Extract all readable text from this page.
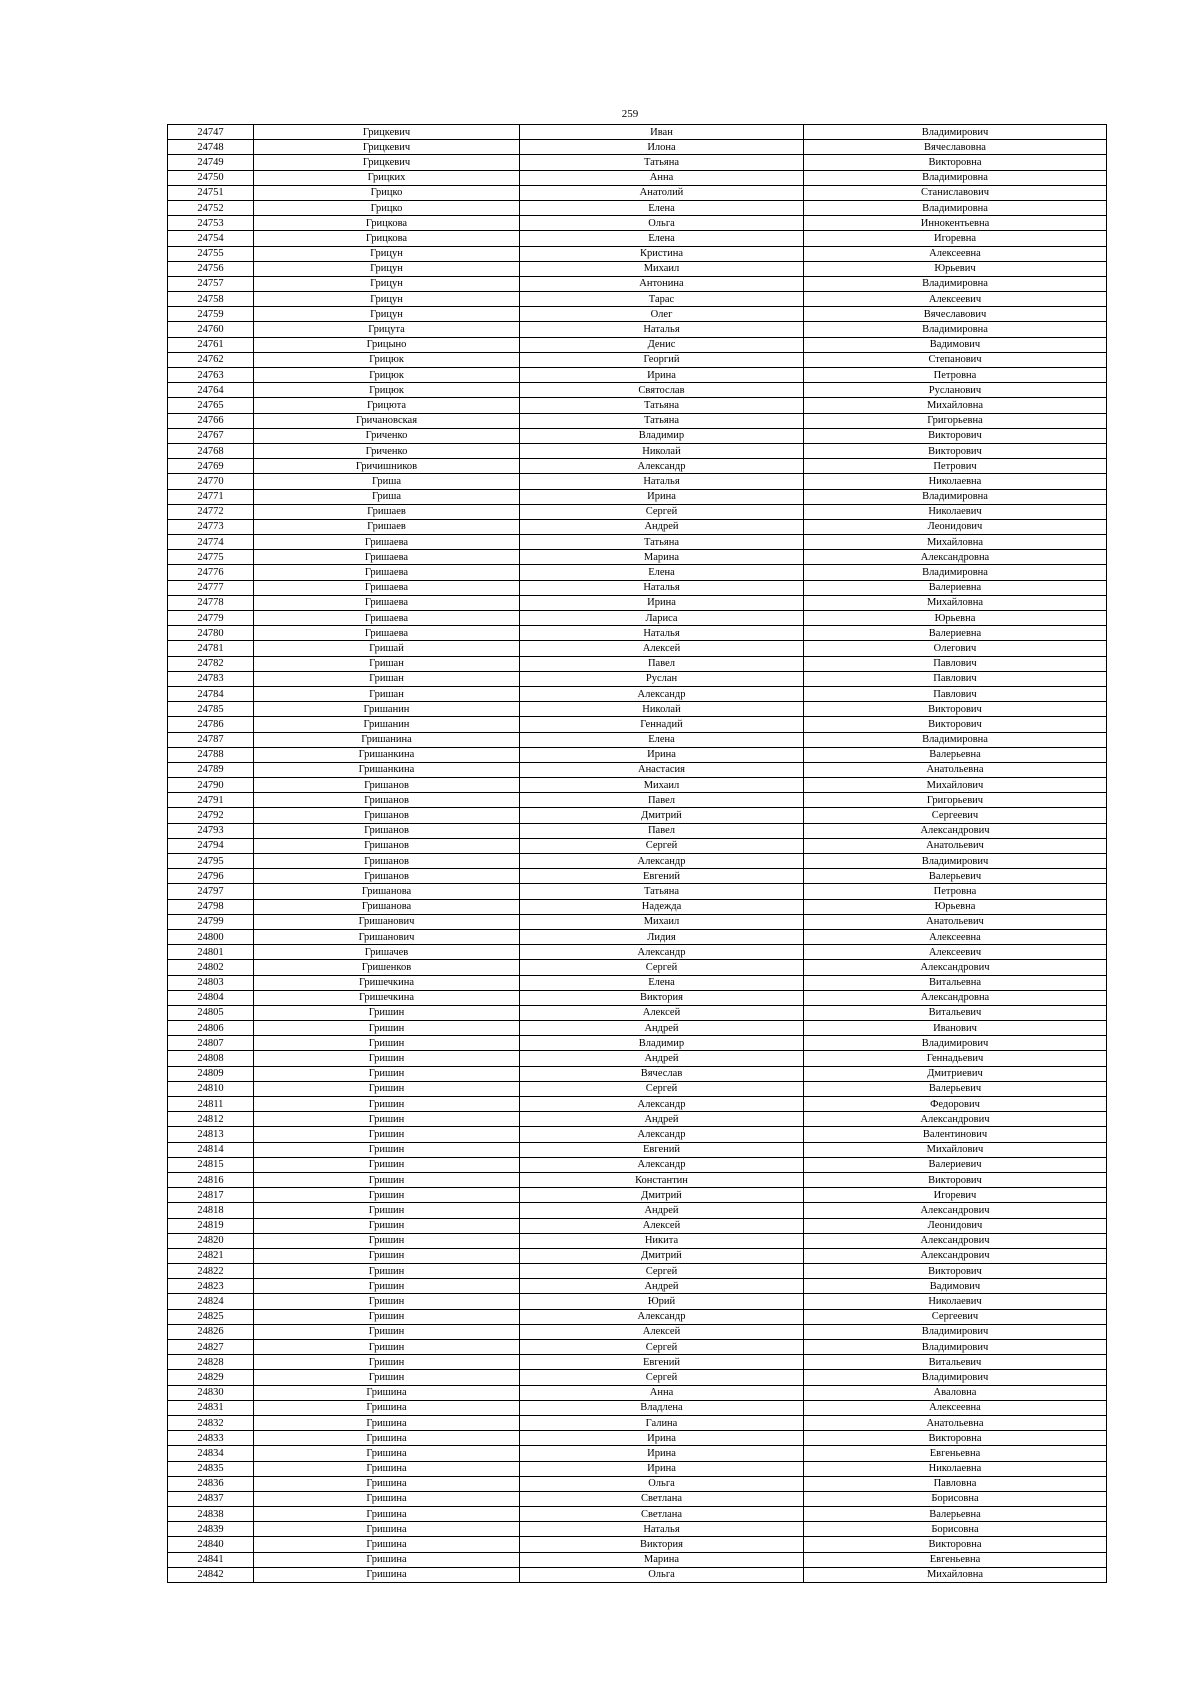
259
24747	Грицкевич	Иван	Владимирович
24748	Грицкевич	Илона	Вячеславовна
24749	Грицкевич	Татьяна	Викторовна
24750	Грицких	Анна	Владимировна
24751	Грицко	Анатолий	Станиславович
24752	Грицко	Елена	Владимировна
24753	Грицкова	Ольга	Иннокентьевна
24754	Грицкова	Елена	Игоревна
24755	Грицун	Кристина	Алексеевна
24756	Грицун	Михаил	Юрьевич
24757	Грицун	Антонина	Владимировна
24758	Грицун	Тарас	Алексеевич
24759	Грицун	Олег	Вячеславович
24760	Грицута	Наталья	Владимировна
24761	Грицыно	Денис	Вадимович
24762	Грицюк	Георгий	Степанович
24763	Грицюк	Ирина	Петровна
24764	Грицюк	Святослав	Русланович
24765	Грицюта	Татьяна	Михайловна
24766	Гричановская	Татьяна	Григорьевна
24767	Гриченко	Владимир	Викторович
24768	Гриченко	Николай	Викторович
24769	Гричишников	Александр	Петрович
24770	Гриша	Наталья	Николаевна
24771	Гриша	Ирина	Владимировна
24772	Гришаев	Сергей	Николаевич
24773	Гришаев	Андрей	Леонидович
24774	Гришаева	Татьяна	Михайловна
24775	Гришаева	Марина	Александровна
24776	Гришаева	Елена	Владимировна
24777	Гришаева	Наталья	Валериевна
24778	Гришаева	Ирина	Михайловна
24779	Гришаева	Лариса	Юрьевна
24780	Гришаева	Наталья	Валериевна
24781	Гришай	Алексей	Олегович
24782	Гришан	Павел	Павлович
24783	Гришан	Руслан	Павлович
24784	Гришан	Александр	Павлович
24785	Гришанин	Николай	Викторович
24786	Гришанин	Геннадий	Викторович
24787	Гришанина	Елена	Владимировна
24788	Гришанкина	Ирина	Валерьевна
24789	Гришанкина	Анастасия	Анатольевна
24790	Гришанов	Михаил	Михайлович
24791	Гришанов	Павел	Григорьевич
24792	Гришанов	Дмитрий	Сергеевич
24793	Гришанов	Павел	Александрович
24794	Гришанов	Сергей	Анатольевич
24795	Гришанов	Александр	Владимирович
24796	Гришанов	Евгений	Валерьевич
24797	Гришанова	Татьяна	Петровна
24798	Гришанова	Надежда	Юрьевна
24799	Гришанович	Михаил	Анатольевич
24800	Гришанович	Лидия	Алексеевна
24801	Гришачев	Александр	Алексеевич
24802	Гришенков	Сергей	Александрович
24803	Гришечкина	Елена	Витальевна
24804	Гришечкина	Виктория	Александровна
24805	Гришин	Алексей	Витальевич
24806	Гришин	Андрей	Иванович
24807	Гришин	Владимир	Владимирович
24808	Гришин	Андрей	Геннадьевич
24809	Гришин	Вячеслав	Дмитриевич
24810	Гришин	Сергей	Валерьевич
24811	Гришин	Александр	Федорович
24812	Гришин	Андрей	Александрович
24813	Гришин	Александр	Валентинович
24814	Гришин	Евгений	Михайлович
24815	Гришин	Александр	Валериевич
24816	Гришин	Константин	Викторович
24817	Гришин	Дмитрий	Игоревич
24818	Гришин	Андрей	Александрович
24819	Гришин	Алексей	Леонидович
24820	Гришин	Никита	Александрович
24821	Гришин	Дмитрий	Александрович
24822	Гришин	Сергей	Викторович
24823	Гришин	Андрей	Вадимович
24824	Гришин	Юрий	Николаевич
24825	Гришин	Александр	Сергеевич
24826	Гришин	Алексей	Владимирович
24827	Гришин	Сергей	Владимирович
24828	Гришин	Евгений	Витальевич
24829	Гришин	Сергей	Владимирович
24830	Гришина	Анна	Аваловна
24831	Гришина	Владлена	Алексеевна
24832	Гришина	Галина	Анатольевна
24833	Гришина	Ирина	Викторовна
24834	Гришина	Ирина	Евгеньевна
24835	Гришина	Ирина	Николаевна
24836	Гришина	Ольга	Павловна
24837	Гришина	Светлана	Борисовна
24838	Гришина	Светлана	Валерьевна
24839	Гришина	Наталья	Борисовна
24840	Гришина	Виктория	Викторовна
24841	Гришина	Марина	Евгеньевна
24842	Гришина	Ольга	Михайловна
